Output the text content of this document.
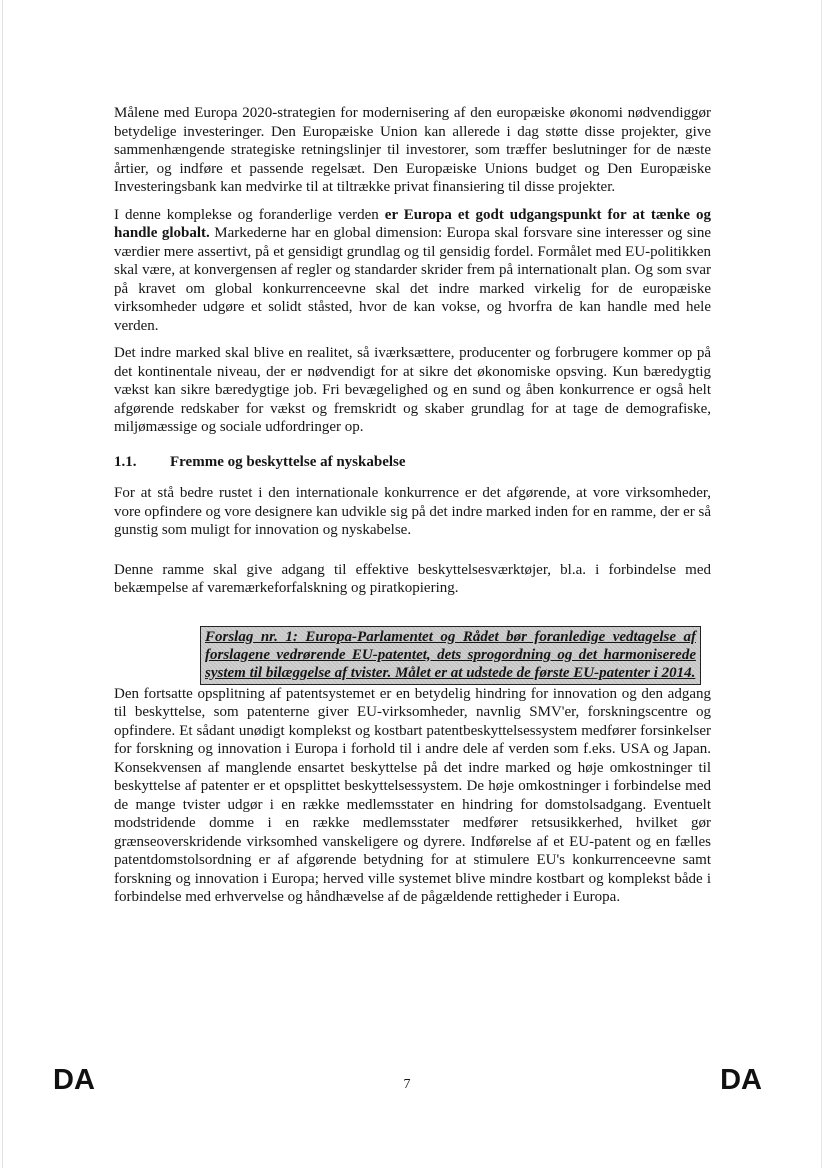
Målene med Europa 2020-strategien for modernisering af den europæiske økonomi nødvendiggør betydelige investeringer. Den Europæiske Union kan allerede i dag støtte disse projekter, give sammenhængende strategiske retningslinjer til investorer, som træffer beslutninger for de næste årtier, og indføre et passende regelsæt. Den Europæiske Unions budget og Den Europæiske Investeringsbank kan medvirke til at tiltrække privat finansiering til disse projekter.

I denne komplekse og foranderlige verden er Europa et godt udgangspunkt for at tænke og handle globalt. Markederne har en global dimension: Europa skal forsvare sine interesser og sine værdier mere assertivt, på et gensidigt grundlag og til gensidig fordel. Formålet med EU-politikken skal være, at konvergensen af regler og standarder skrider frem på internationalt plan. Og som svar på kravet om global konkurrenceevne skal det indre marked virkelig for de europæiske virksomheder udgøre et solidt ståsted, hvor de kan vokse, og hvorfra de kan handle med hele verden.

Det indre marked skal blive en realitet, så iværksættere, producenter og forbrugere kommer op på det kontinentale niveau, der er nødvendigt for at sikre det økonomiske opsving. Kun bæredygtig vækst kan sikre bæredygtige job. Fri bevægelighed og en sund og åben konkurrence er også helt afgørende redskaber for vækst og fremskridt og skaber grundlag for at tage de demografiske, miljømæssige og sociale udfordringer op.

1.1. Fremme og beskyttelse af nyskabelse

For at stå bedre rustet i den internationale konkurrence er det afgørende, at vore virksomheder, vore opfindere og vore designere kan udvikle sig på det indre marked inden for en ramme, der er så gunstig som muligt for innovation og nyskabelse.

Denne ramme skal give adgang til effektive beskyttelsesværktøjer, bl.a. i forbindelse med bekæmpelse af varemærkeforfalskning og piratkopiering.

Forslag nr. 1: Europa-Parlamentet og Rådet bør foranledige vedtagelse af forslagene vedrørende EU-patentet, dets sprogordning og det harmoniserede system til bilæggelse af tvister. Målet er at udstede de første EU-patenter i 2014.

Den fortsatte opsplitning af patentsystemet er en betydelig hindring for innovation og den adgang til beskyttelse, som patenterne giver EU-virksomheder, navnlig SMV'er, forskningscentre og opfindere. Et sådant unødigt komplekst og kostbart patentbeskyttelsessystem medfører forsinkelser for forskning og innovation i Europa i forhold til i andre dele af verden som f.eks. USA og Japan. Konsekvensen af manglende ensartet beskyttelse på det indre marked og høje omkostninger til beskyttelse af patenter er et opsplittet beskyttelsessystem. De høje omkostninger i forbindelse med de mange tvister udgør i en række medlemsstater en hindring for domstolsadgang. Eventuelt modstridende domme i en række medlemsstater medfører retsusikkerhed, hvilket gør grænseoverskridende virksomhed vanskeligere og dyrere. Indførelse af et EU-patent og en fælles patentdomstolsordning er af afgørende betydning for at stimulere EU's konkurrenceevne samt forskning og innovation i Europa; herved ville systemet blive mindre kostbart og komplekst både i forbindelse med erhvervelse og håndhævelse af de pågældende rettigheder i Europa.

DA	7	DA
